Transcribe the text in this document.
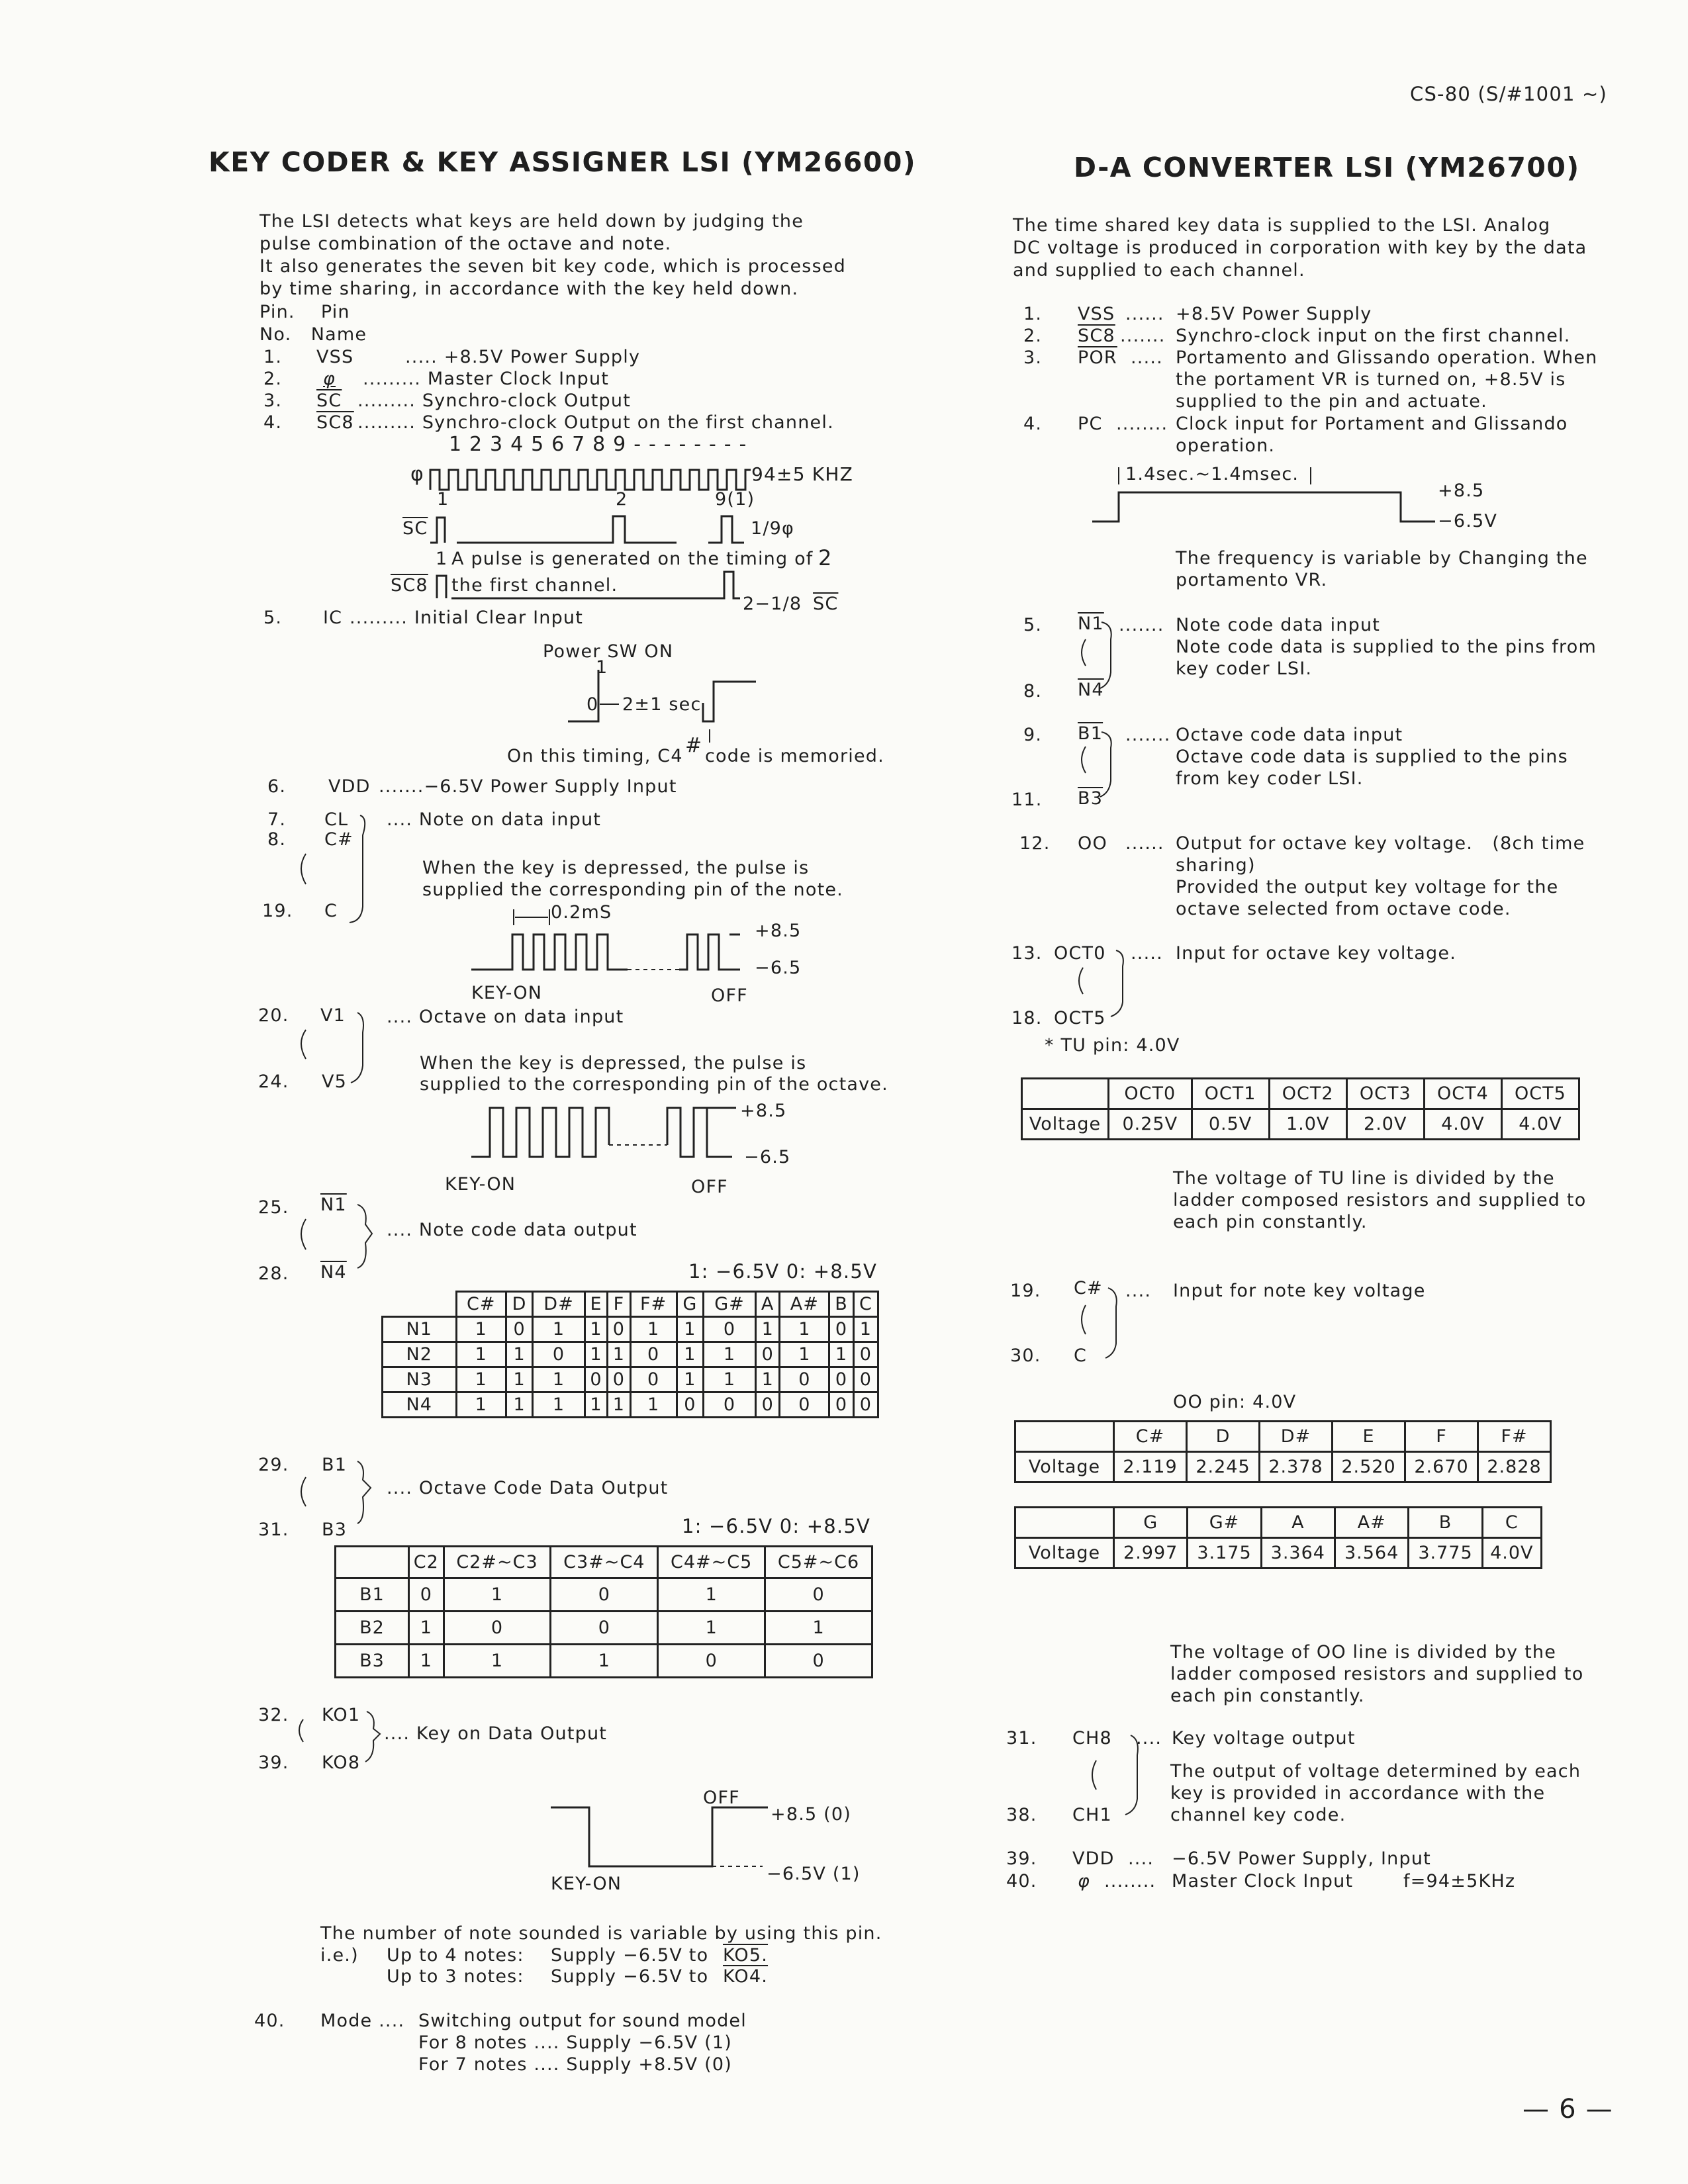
CS-80 (S/#1001 ~)
— 6 —
KEY CODER & KEY ASSIGNER LSI (YM26600)
The LSI detects what keys are held down by judging the
pulse combination of the octave and note.
It also generates the seven bit key code, which is processed
by time sharing, in accordance with the key held down.
Pin.    Pin
No.   Name
1. VSS	..... +8.5V Power Supply
2. φ ......... Master Clock Input
3. $\overline{SC}$ ......... Synchro-clock Output
4. SC8 ......... Synchro-clock Output on the first channel.
1 2 3 4 5 6 7 8 9 - - - - - - - -
φ	94±5 KHZ
1	2	9(1)
$\overline{SC}$	1/9φ
1 A pulse is generated on the timing of 2
SC8 the first channel.
2−1/8 $\overline{SC}$
5. IC ......... Initial Clear Input
Power SW ON
1
0 2±1 sec
On this timing, C4 # code is memoried.
6. VDD .......−6.5V Power Supply Input
7. CL
8. C#
19. C
.... Note on data input
When the key is depressed, the pulse is
supplied the corresponding pin of the note.
0.2mS
+8.5
−6.5
KEY-ON	OFF
20. V1
24. V5
.... Octave on data input
When the key is depressed, the pulse is
supplied to the corresponding pin of the octave.
+8.5
−6.5
KEY-ON	OFF
25. N1
28. N4
.... Note code data output
1: −6.5V 0: +8.5V
	C#	D	D#	E	F	F#	G	G#	A	A#	B	C
N1	1	0	1	1	0	1	1	0	1	1	0	1
N2	1	1	0	1	1	0	1	1	0	1	1	0
N3	1	1	1	0	0	0	1	1	1	0	0	0
N4	1	1	1	1	1	1	0	0	0	0	0	0
29. B1
31. B3
.... Octave Code Data Output
1: −6.5V 0: +8.5V
	C2	C2#~C3	C3#~C4	C4#~C5	C5#~C6
B1	0	1	0	1	0
B2	1	0	0	1	1
B3	1	1	1	0	0
32. KO1
39. KO8
.... Key on Data Output
OFF
+8.5 (0)
−6.5V (1)
KEY-ON
The number of note sounded is variable by using this pin.
i.e.) Up to 4 notes: Supply −6.5V to KO5.
Up to 3 notes: Supply −6.5V to KO4.
40. Mode .... Switching output for sound model
For 8 notes .... Supply −6.5V (1)
For 7 notes .... Supply +8.5V (0)
D-A CONVERTER LSI (YM26700)
The time shared key data is supplied to the LSI. Analog
DC voltage is produced in corporation with key by the data
and supplied to each channel.
1. VSS ...... +8.5V Power Supply
2. SC8 ....... Synchro-clock input on the first channel.
3. $\overline{POR}$ ..... Portamento and Glissando operation. When
the portament VR is turned on, +8.5V is
supplied to the pin and actuate.
4. PC ........ Clock input for Portament and Glissando
operation.
1.4sec.~1.4msec.
+8.5
−6.5V
The frequency is variable by Changing the
portamento VR.
5. N1 ....... Note code data input
Note code data is supplied to the pins from
key coder LSI.
8. N4
9. B1 ....... Octave code data input
Octave code data is supplied to the pins
from key coder LSI.
11. B3
12. OO ...... Output for octave key voltage.   (8ch time
sharing)
Provided the output key voltage for the
octave selected from octave code.
13. OCT0 ..... Input for octave key voltage.
18. OCT5
* TU pin: 4.0V
	OCT0	OCT1	OCT2	OCT3	OCT4	OCT5
Voltage	0.25V	0.5V	1.0V	2.0V	4.0V	4.0V
The voltage of TU line is divided by the
ladder composed resistors and supplied to
each pin constantly.
19. C# .... Input for note key voltage
30. C
OO pin: 4.0V
	C#	D	D#	E	F	F#
Voltage	2.119	2.245	2.378	2.520	2.670	2.828
	G	G#	A	A#	B	C
Voltage	2.997	3.175	3.364	3.564	3.775	4.0V
The voltage of OO line is divided by the
ladder composed resistors and supplied to
each pin constantly.
31. CH8 .... Key voltage output
The output of voltage determined by each
key is provided in accordance with the
channel key code.
38. CH1
39. VDD .... −6.5V Power Supply, Input
40. φ ........ Master Clock Input	f=94±5KHz
